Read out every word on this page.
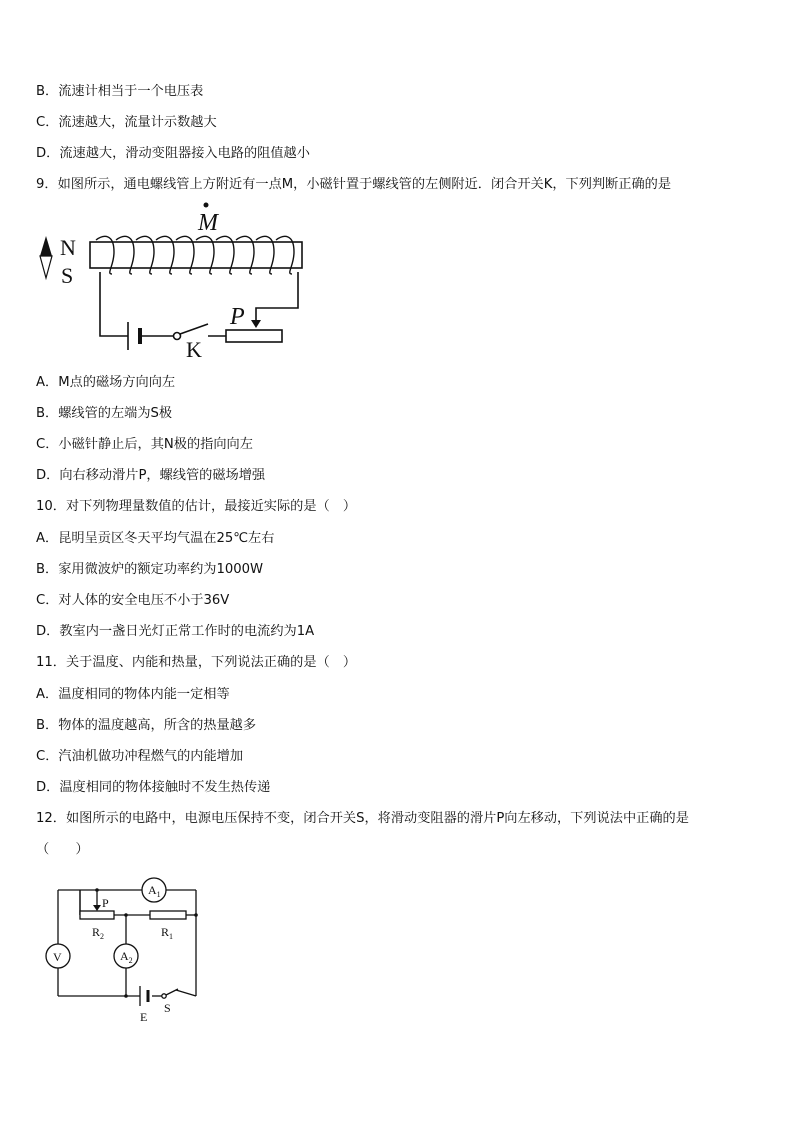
B．流速计相当于一个电压表
C．流速越大，流量计示数越大
D．流速越大，滑动变阻器接入电路的阻值越小
9．如图所示，通电螺线管上方附近有一点M，小磁针置于螺线管的左侧附近．闭合开关K，下列判断正确的是
M
N
S
K
P
A．M点的磁场方向向左
B．螺线管的左端为S极
C．小磁针静止后，其N极的指向向左
D．向右移动滑片P，螺线管的磁场增强
10．对下列物理量数值的估计，最接近实际的是（　）
A．昆明呈贡区冬天平均气温在25℃左右
B．家用微波炉的额定功率约为1000W
C．对人体的安全电压不小于36V
D．教室内一盏日光灯正常工作时的电流约为1A
11．关于温度、内能和热量，下列说法正确的是（　）
A．温度相同的物体内能一定相等
B．物体的温度越高，所含的热量越多
C．汽油机做功冲程燃气的内能增加
D．温度相同的物体接触时不发生热传递
12．如图所示的电路中，电源电压保持不变，闭合开关S，将滑动变阻器的滑片P向左移动，下列说法中正确的是
（　　）
P
$R_2$	$R_1$
$A_1$
$A_2$
V
E
S
